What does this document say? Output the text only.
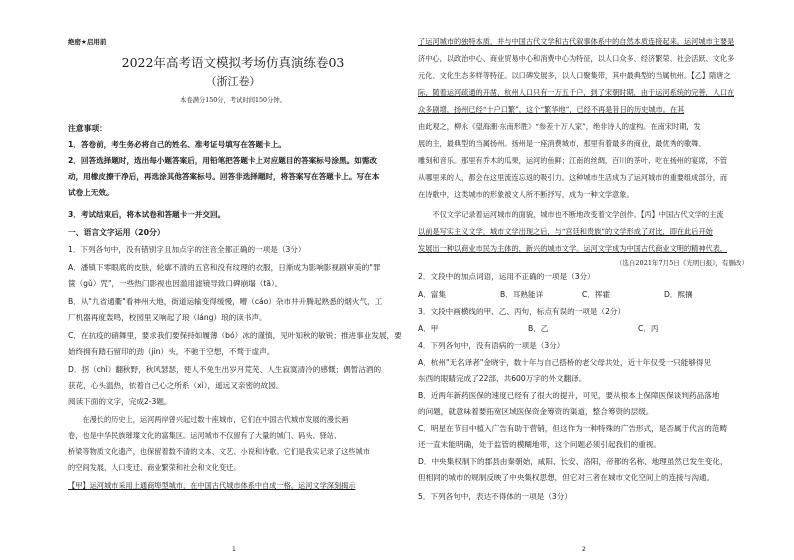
绝密★启用前
2022年高考语文模拟考场仿真演练卷03
（浙江卷）
本卷满分150分，考试时间150分钟。
注意事项：
1．答卷前，考生务必将自己的姓名、准考证号填写在答题卡上。
2．回答选择题时，选出每小题答案后，用铅笔把答题卡上对应题目的答案标号涂黑。如需改
动，用橡皮擦干净后，再选涂其他答案标号。回答非选择题时，将答案写在答题卡上。写在本
试卷上无效。
3．考试结束后，将本试卷和答题卡一并交回。
一、语言文字运用（20分）
1．下列各句中，没有错别字且加点字的注音全都正确的一项是（3分）
A．潘镇下零眼底的皮肤，轮廓不清的五官和没有纹理的衣服，日渐成为影响影视剧审美的"罪
箧（gǔ）咒"，一些热门影视也因滥用滤镜导致口碑崩塌（tā）。
B．从"九省通衢"看神州大地，街道运输变得缓慢，嘈（cáo）杂市井升腾起熟悉的烟火气，工
厂机器再度轰鸣，校园里又响起了琅（láng）琅的读书声。
C．在抗疫的硝舞里，要求我们要保持如履薄（bó）冰的谨慎，见叶知秋的敏锐；推进事业发展，要
始终拥有踏石留印的劲（jìn）头，不驰于空想，不骛于虚声。
D．拐（chì）翻秋野，秋风瑟瑟，使人不免生出岁月荒芜、人生寂寞清冷的感慨；偶暂沽酒的
获花，心头温热，依着自己心之所系（xì），遥远又亲密的故园。
阅读下面的文字，完成2-3题。
　　在漫长的历史上，运河两岸曾兴起过数十座城市，它们在中国古代城市发展的漫长画
卷，也是中华民族璀璨文化的富集区。运河城市不仅留有了大量的城门、码头、驿站、
桥梁等物质文化遗产，也保留着数不清的文本、文艺、小说和诗歌。它们是我实记录了这些城市
的空间发展、人口变迁、商业繁荣和社会和文化变迁。
【甲】运河城市采用上通商埠型城市，在中国古代城市体系中自成一格。运河文学深刻揭示
了运河城市的独特本质，并与中国古代文学和古代叙事体系中的自然本质连接起来。运河城市主要是
济中心，以政治中心、商业贸易中心和消费中心为特征，以人口众多、经济繁荣、社会活跃、文化多
元化、文化生态多样等特征。以口碑发展多，以人口聚集带，其中最典型的当属杭州。【乙】隋唐之
际，随着运河疏通的开凿，杭州人口只有一万五千户，到了宋朝时期，由于运河系统的完善，人口在
众多剧增，扬州已经“十户口繁”，这个“繁华地”，已经不再是昔日的历史城市。在其
由此观之，柳永《望海潮·东南形胜》“参差十万人家”，绝非诗人的虚构。在南宋时期，发
展的主，最典型的当属扬州。扬州是一座消费城市，那里有着最多的商业，最优秀的歌舞、
雕刻和音乐。那里有乔木的瓜果，运河的鱼鲜；江南的丝绸，百川的茶叶、吃在扬州的宴席，不管
从哪里来的人，都会在这里流连忘返的吸引力。这种城市生活成为了运河城市的重要组成部分，而
在诗歌中，这类城市的形象被文人所不断抒写，成为一种文学意象。
　　不仅文学记录着运河城市的面貌，城市也不断地改变着文学创作。【丙】中国古代文学的主流
以前是写实主义文学，城市文学出现之后，与“宫廷和贵族”的文学形成了对比，即在此后开始
发展出一种以商业市民为主体的，新兴的城市文学。运河文学成为中国古代商业文明的精神代表。
（选自2021年7月5日《光明日报》，有删改）
2．文段中的加点词语，运用不正确的一项是（3分）
A．富集	B．耳熟能详	C．挥霍	D．熙攘
3．文段中画横线的甲、乙、丙句，标点有误的一项是（2分）
A．甲	B．乙	C．丙
4．下列各句中，没有语病的一项是（3分）
A．杭州"无名译者"金晓宇，数十年与自己搭桥的老父母共处，近十年仅受一只能够得见
东西的眼睛完成了22部、共600万字的外文翻译。
B．近两年新药医保的速度已经有了很大的提升，可见，要从根本上保障医保谈判药品落地
的问题，就意味着要拓宽区域医保资金筹资的渠道，整合筹资的层级。
C．明星在节目中植入广告有助于营销，但这作为一种特殊的广告形式，是否属于代言的范畴
还一直未能明确，处于监管的模糊地带，这个问题必须引起我们的重视。
D．中央集权制下的郡县由秦朝始，咸阳、长安、洛阳，帝都的名称、地理虽然已发生变化，
但相同的城市的规制反映了中央集权思想，但它对三者在城市文化空间上的连接与沟通。
5．下列各句中，表达不得体的一项是（3分）
1	2
